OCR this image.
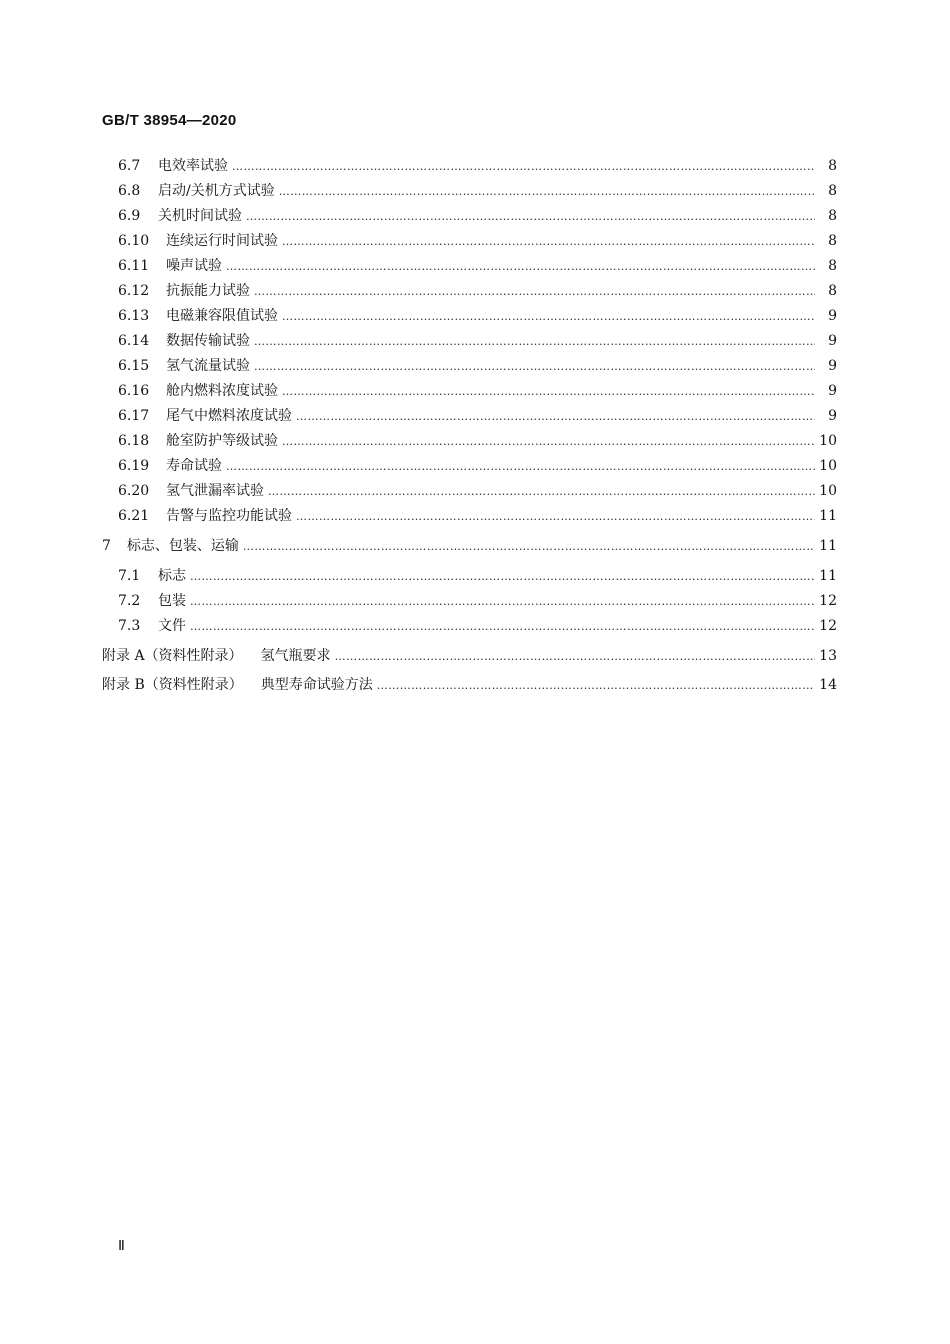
GB/T 38954—2020
6.7	电效率试验 ……………………………………………………………………………………………………………………………………………………………………………………………………………………	8
6.8	启动/关机方式试验 ……………………………………………………………………………………………………………………………………………………………………………………………………………………	8
6.9	关机时间试验 ……………………………………………………………………………………………………………………………………………………………………………………………………………………	8
6.10	连续运行时间试验 ……………………………………………………………………………………………………………………………………………………………………………………………………………………	8
6.11	噪声试验 ……………………………………………………………………………………………………………………………………………………………………………………………………………………	8
6.12	抗振能力试验 ……………………………………………………………………………………………………………………………………………………………………………………………………………………	8
6.13	电磁兼容限值试验 ……………………………………………………………………………………………………………………………………………………………………………………………………………………	9
6.14	数据传输试验 ……………………………………………………………………………………………………………………………………………………………………………………………………………………	9
6.15	氢气流量试验 ……………………………………………………………………………………………………………………………………………………………………………………………………………………	9
6.16	舱内燃料浓度试验 ……………………………………………………………………………………………………………………………………………………………………………………………………………………	9
6.17	尾气中燃料浓度试验 ……………………………………………………………………………………………………………………………………………………………………………………………………………………	9
6.18	舱室防护等级试验 ……………………………………………………………………………………………………………………………………………………………………………………………………………………	10
6.19	寿命试验 ……………………………………………………………………………………………………………………………………………………………………………………………………………………	10
6.20	氢气泄漏率试验 ……………………………………………………………………………………………………………………………………………………………………………………………………………………	10
6.21	告警与监控功能试验 ……………………………………………………………………………………………………………………………………………………………………………………………………………………	11
7 标志、包装、运输 ……………………………………………………………………………………………………………………………………………………………………………………………………………………	11
7.1	标志 ……………………………………………………………………………………………………………………………………………………………………………………………………………………	11
7.2	包装 ……………………………………………………………………………………………………………………………………………………………………………………………………………………	12
7.3	文件 ……………………………………………………………………………………………………………………………………………………………………………………………………………………	12
附录 A（资料性附录） 氢气瓶要求 ……………………………………………………………………………………………………………………………………………………………………………………………………………………	13
附录 B（资料性附录） 典型寿命试验方法 ……………………………………………………………………………………………………………………………………………………………………………………………………………………	14
Ⅱ
